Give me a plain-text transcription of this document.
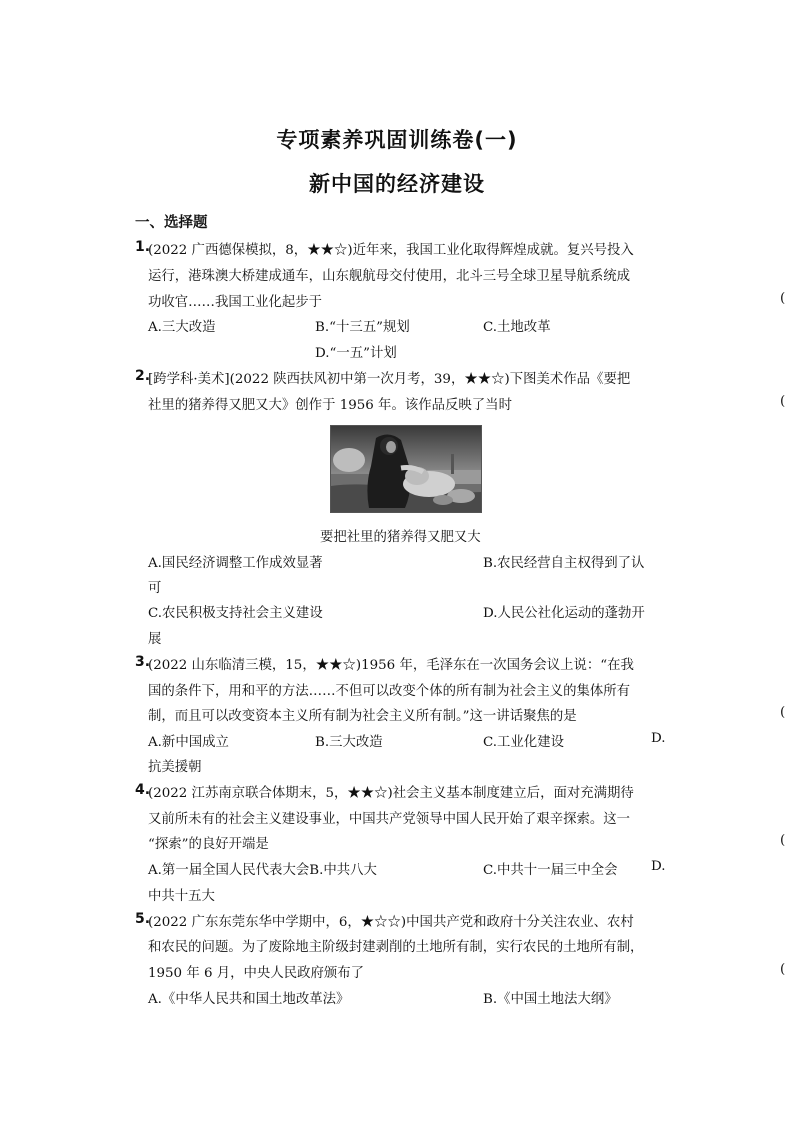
专项素养巩固训练卷(一)
新中国的经济建设
一、选择题
1.
(2022 广西德保模拟，8，★★☆)近年来，我国工业化取得辉煌成就。复兴号投入
运行，港珠澳大桥建成通车，山东舰航母交付使用，北斗三号全球卫星导航系统成
功收官……我国工业化起步于	(
A.三大改造	B.“十三五”规划	C.土地改革
D.“一五”计划
2.
[跨学科·美术](2022 陕西扶风初中第一次月考，39，★★☆)下图美术作品《要把
社里的猪养得又肥又大》创作于 1956 年。该作品反映了当时	(
要把社里的猪养得又肥又大
A.国民经济调整工作成效显著	B.农民经营自主权得到了认
可
C.农民积极支持社会主义建设	D.人民公社化运动的蓬勃开
展
3.
(2022 山东临清三模，15，★★☆)1956 年，毛泽东在一次国务会议上说：“在我
国的条件下，用和平的方法……不但可以改变个体的所有制为社会主义的集体所有
制，而且可以改变资本主义所有制为社会主义所有制。”这一讲话聚焦的是	(
A.新中国成立	B.三大改造	C.工业化建设	D.
抗美援朝
4.
(2022 江苏南京联合体期末，5，★★☆)社会主义基本制度建立后，面对充满期待
又前所未有的社会主义建设事业，中国共产党领导中国人民开始了艰辛探索。这一
“探索”的良好开端是	(
A.第一届全国人民代表大会B.中共八大	C.中共十一届三中全会 D.
中共十五大
5.
(2022 广东东莞东华中学期中，6，★☆☆)中国共产党和政府十分关注农业、农村
和农民的问题。为了废除地主阶级封建剥削的土地所有制，实行农民的土地所有制，
1950 年 6 月，中央人民政府颁布了	(
A.《中华人民共和国土地改革法》	B.《中国土地法大纲》
